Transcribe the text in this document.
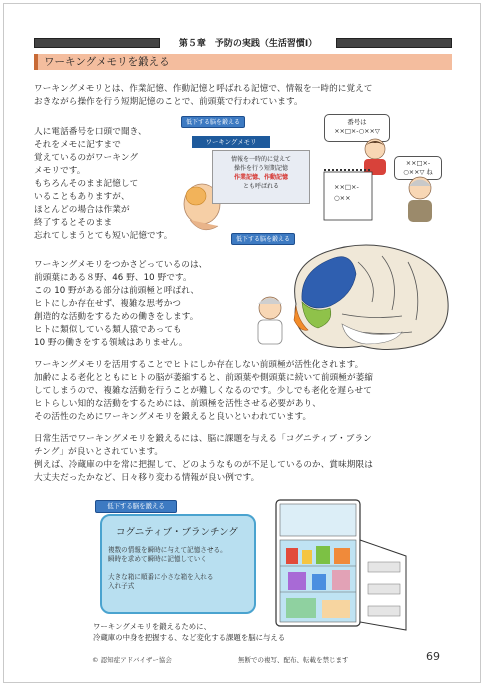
第５章　予防の実践（生活習慣Ⅰ）
ワーキングメモリを鍛える
ワーキングメモリとは、作業記憶、作動記憶と呼ばれる記憶で、情報を一時的に覚えて
おきながら操作を行う短期記憶のことで、前頭葉で行われています。
人に電話番号を口頭で聞き、
それをメモに記すまで
覚えているのがワーキング
メモリです。
もちろんそのまま記憶して
いることもありますが、
ほとんどの場合は作業が
終了するとそのまま
忘れてしまうとても短い記憶です。
低下する脳を鍛える
ワーキングメモリ
情報を一時的に覚えて
操作を行う短期記憶
作業記憶、作動記憶
とも呼ばれる
番号は
××□×-○××▽
××□×-
○××
××□×-
○××▽ ね
低下する脳を鍛える
ワーキングメモリをつかさどっているのは、
前頭葉にある８野、46 野、10 野です。
この 10 野がある部分は前頭極と呼ばれ、
ヒトにしか存在せず、複雑な思考かつ
創造的な活動をするための働きをします。
ヒトに類似している類人猿であっても
10 野の働きをする領域はありません。
ワーキングメモリを活用することでヒトにしか存在しない前頭極が活性化されます。
加齢による老化とともにヒトの脳が萎縮すると、前頭葉や側頭葉に続いて前頭極が萎縮
してしまうので、複雑な活動を行うことが難しくなるのです。少しでも老化を遅らせて
ヒトらしい知的な活動をするためには、前頭極を活性させる必要があり、
その活性のためにワーキングメモリを鍛えると良いといわれています。
日常生活でワーキングメモリを鍛えるには、脳に課題を与える「コグニティブ・ブラン
チング」が良いとされています。
例えば、冷蔵庫の中を常に把握して、どのようなものが不足しているのか、賞味期限は
大丈夫だったかなど、日々移り変わる情報が良い例です。
低下する脳を鍛える
コグニティブ・ブランチング
複数の情報を瞬時に与えて記憶させる。
瞬時を求めて瞬時に記憶していく
大きな箱に順番に小さな箱を入れる
入れ子式
ワーキングメモリを鍛えるために、
冷蔵庫の中身を把握する、など変化する課題を脳に与える
© 認知症アドバイザー協会	無断での複写、配布、転載を禁じます	69
